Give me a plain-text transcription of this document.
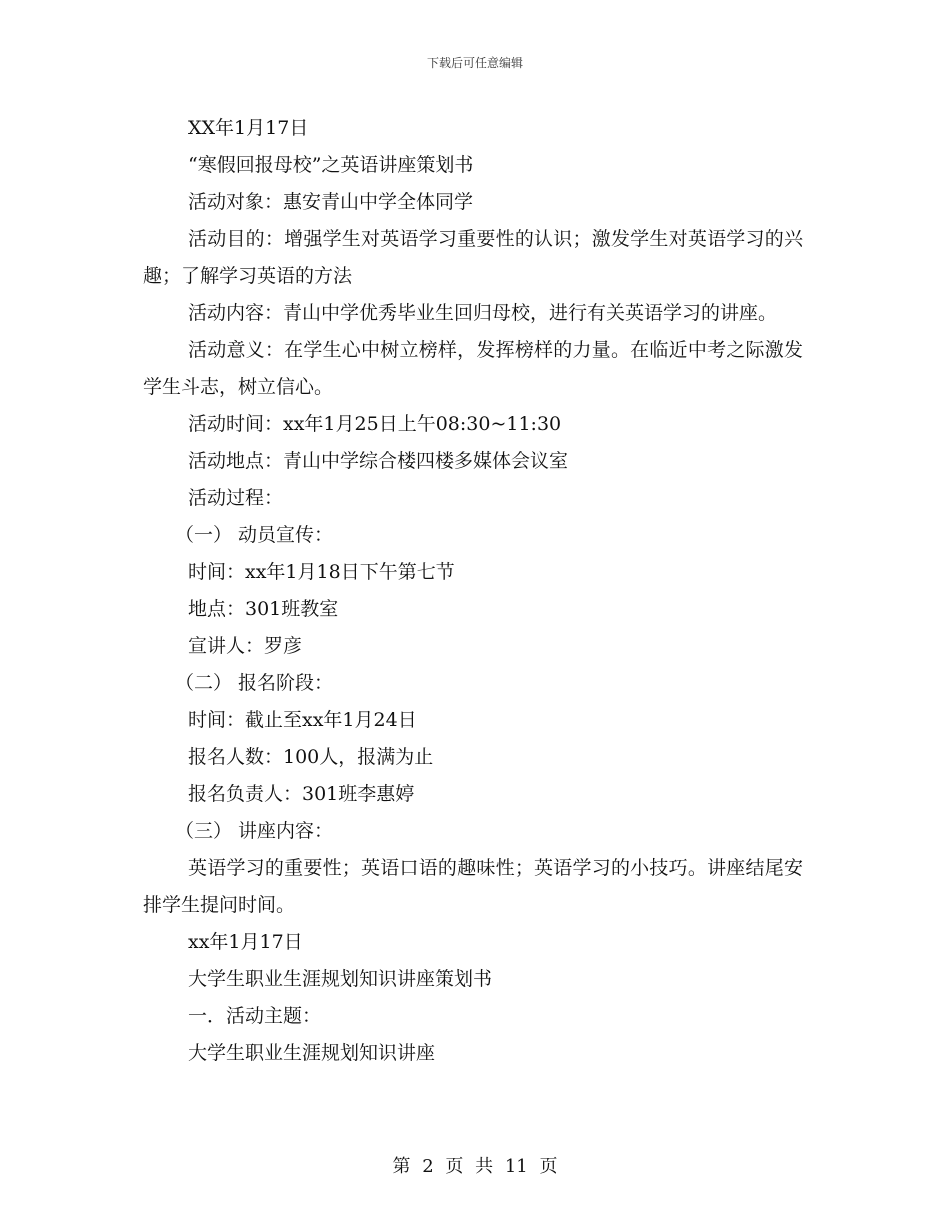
下载后可任意编辑
XX年1月17日
“寒假回报母校”之英语讲座策划书
活动对象：惠安青山中学全体同学
活动目的：增强学生对英语学习重要性的认识；激发学生对英语学习的兴趣；了解学习英语的方法
活动内容：青山中学优秀毕业生回归母校，进行有关英语学习的讲座。
活动意义：在学生心中树立榜样，发挥榜样的力量。在临近中考之际激发学生斗志，树立信心。
活动时间：xx年1月25日上午08:30~11:30
活动地点：青山中学综合楼四楼多媒体会议室
活动过程：
（一） 动员宣传：
时间：xx年1月18日下午第七节
地点：301班教室
宣讲人：罗彦
（二） 报名阶段：
时间：截止至xx年1月24日
报名人数：100人，报满为止
报名负责人：301班李惠婷
（三） 讲座内容：
英语学习的重要性；英语口语的趣味性；英语学习的小技巧。讲座结尾安排学生提问时间。
xx年1月17日
大学生职业生涯规划知识讲座策划书
一．活动主题：
大学生职业生涯规划知识讲座
第 2 页 共 11 页
